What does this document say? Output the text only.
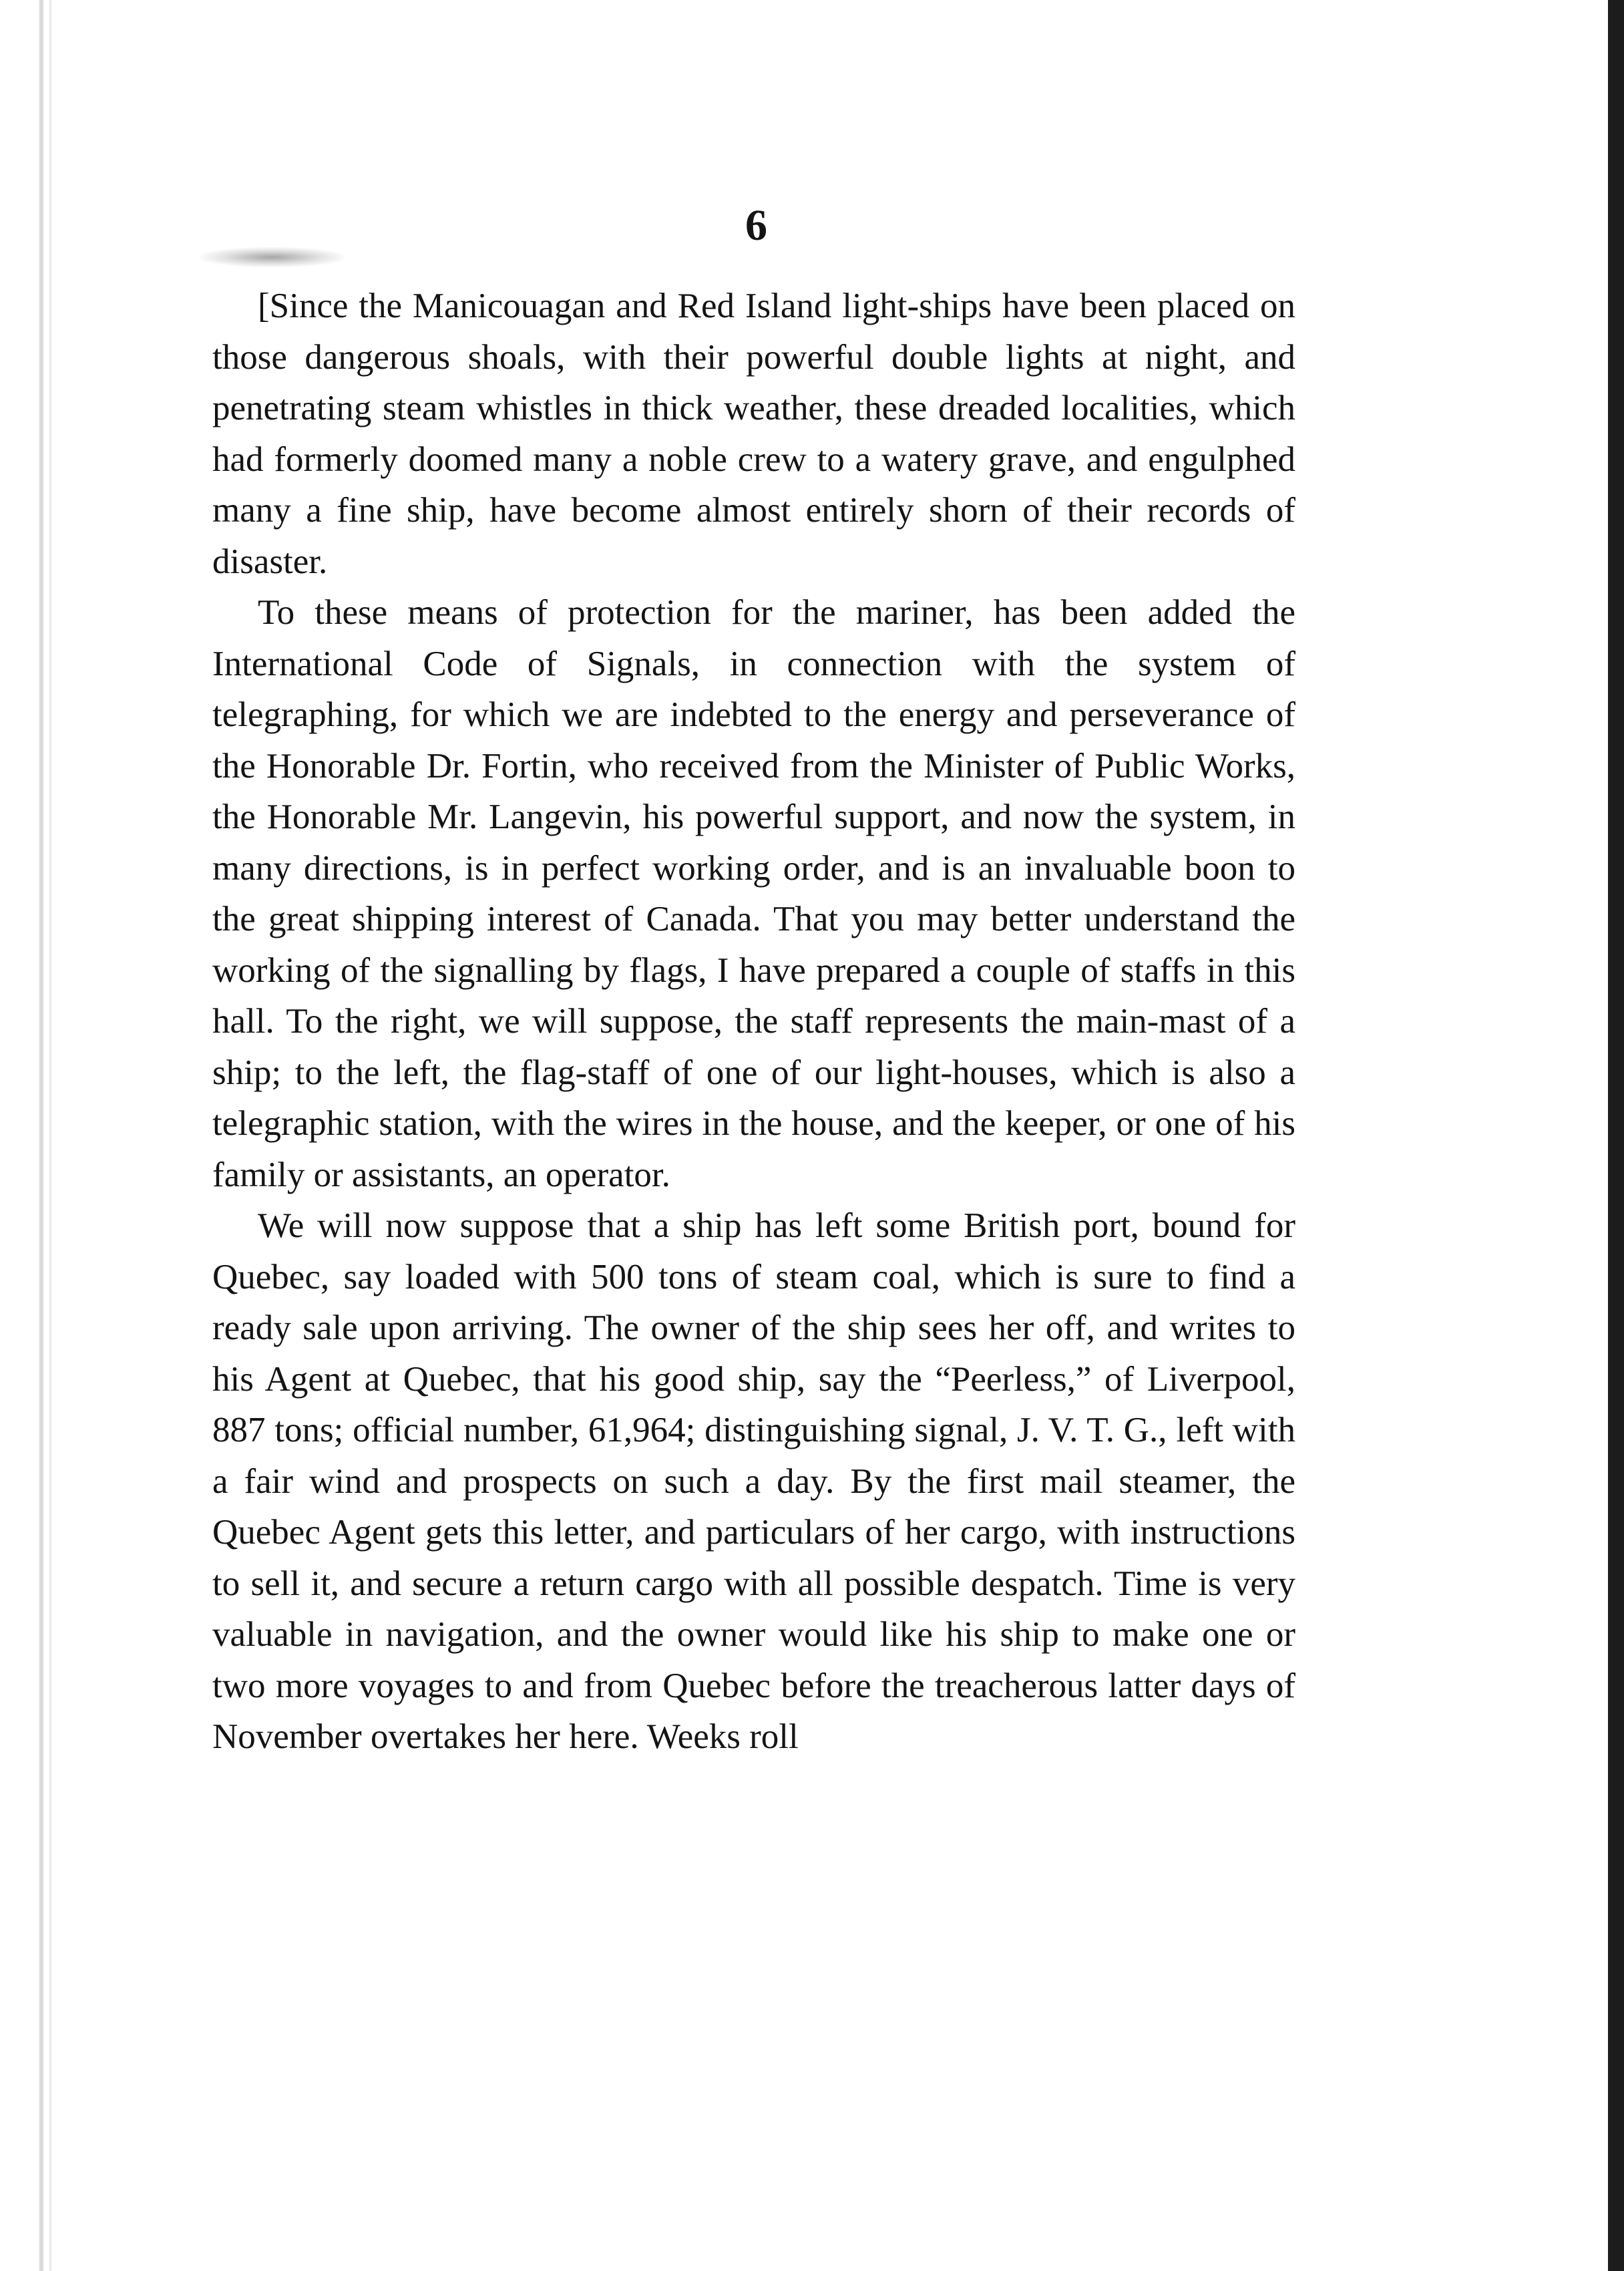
6

[Since the Manicouagan and Red Island light-ships have been placed on those dangerous shoals, with their powerful double lights at night, and penetrating steam whistles in thick weather, these dreaded localities, which had formerly doomed many a noble crew to a watery grave, and engulphed many a fine ship, have become almost entirely shorn of their records of disaster.

To these means of protection for the mariner, has been added the International Code of Signals, in connection with the system of telegraphing, for which we are indebted to the energy and perseverance of the Honorable Dr. Fortin, who received from the Minister of Public Works, the Honorable Mr. Langevin, his powerful support, and now the system, in many directions, is in perfect working order, and is an invaluable boon to the great shipping interest of Canada. That you may better understand the working of the signalling by flags, I have prepared a couple of staffs in this hall. To the right, we will suppose, the staff represents the main-mast of a ship; to the left, the flag-staff of one of our light-houses, which is also a telegraphic station, with the wires in the house, and the keeper, or one of his family or assistants, an operator.

We will now suppose that a ship has left some British port, bound for Quebec, say loaded with 500 tons of steam coal, which is sure to find a ready sale upon arriving. The owner of the ship sees her off, and writes to his Agent at Quebec, that his good ship, say the “Peerless,” of Liverpool, 887 tons; official number, 61,964; distinguishing signal, J. V. T. G., left with a fair wind and prospects on such a day. By the first mail steamer, the Quebec Agent gets this letter, and particulars of her cargo, with instructions to sell it, and secure a return cargo with all possible despatch. Time is very valuable in navigation, and the owner would like his ship to make one or two more voyages to and from Quebec before the treacherous latter days of November overtakes her here. Weeks roll
